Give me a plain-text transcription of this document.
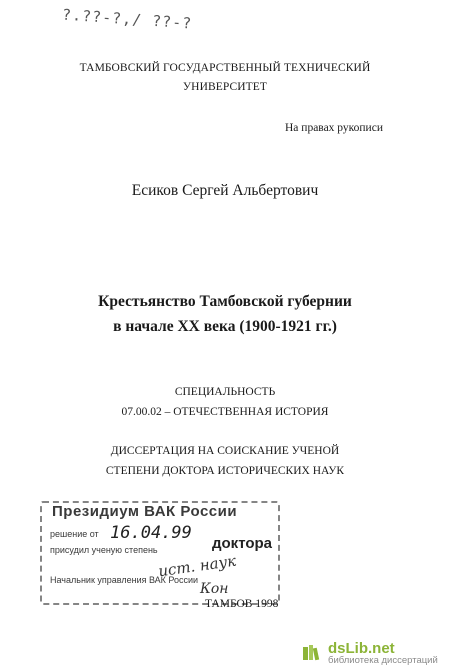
?.??-?,/ ??-?
ТАМБОВСКИЙ ГОСУДАРСТВЕННЫЙ ТЕХНИЧЕСКИЙ
УНИВЕРСИТЕТ
На правах рукописи
Есиков Сергей Альбертович
Крестьянство Тамбовской губернии
в начале XX века (1900-1921 гг.)
СПЕЦИАЛЬНОСТЬ
07.00.02 – ОТЕЧЕСТВЕННАЯ ИСТОРИЯ
ДИССЕРТАЦИЯ НА СОИСКАНИЕ УЧЕНОЙ
СТЕПЕНИ ДОКТОРА ИСТОРИЧЕСКИХ НАУК
Президиум ВАК России
решение от
присудил ученую степень
Начальник управления ВАК России
16.04.99
доктора
ист. наук
Кон
ТАМБОВ 1998
dsLib.net
библиотека диссертаций
